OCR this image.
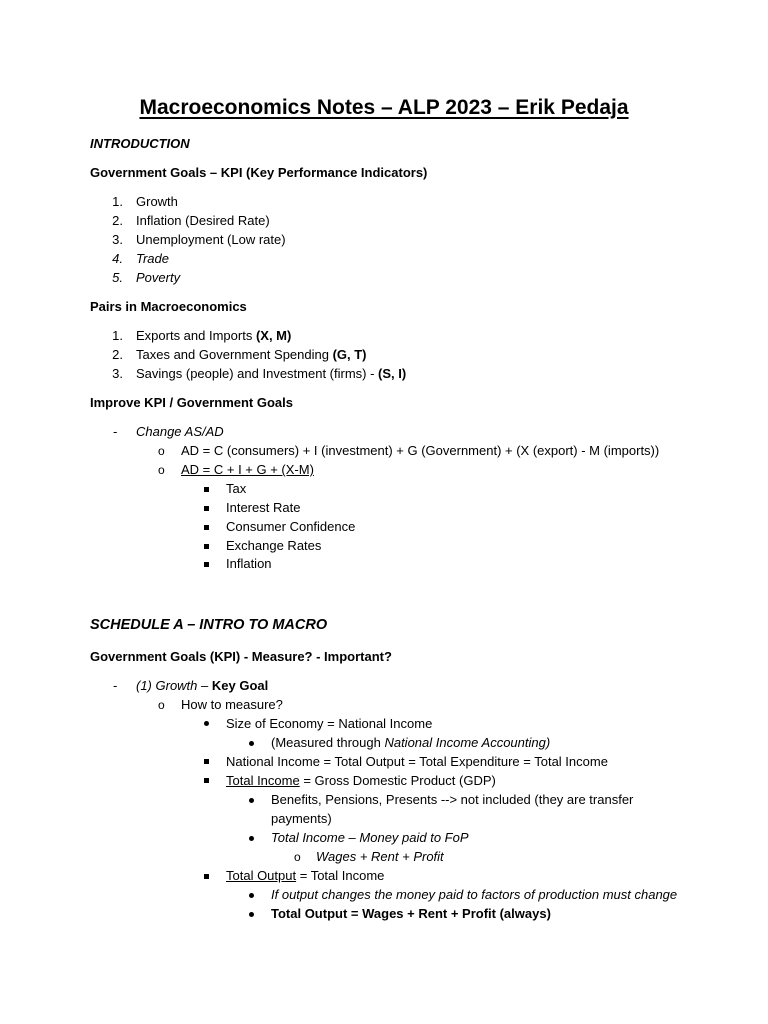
Macroeconomics Notes – ALP 2023 – Erik Pedaja
INTRODUCTION
Government Goals – KPI (Key Performance Indicators)
1. Growth
2. Inflation (Desired Rate)
3. Unemployment (Low rate)
4. Trade
5. Poverty
Pairs in Macroeconomics
1. Exports and Imports (X, M)
2. Taxes and Government Spending (G, T)
3. Savings (people) and Investment (firms) - (S, I)
Improve KPI / Government Goals
- Change AS/AD
o AD = C (consumers) + I (investment) + G (Government) + (X (export) - M (imports))
o AD = C + I + G + (X-M)
Tax
Interest Rate
Consumer Confidence
Exchange Rates
Inflation
SCHEDULE A – INTRO TO MACRO
Government Goals (KPI) - Measure? - Important?
- (1) Growth – Key Goal
o How to measure?
Size of Economy = National Income
(Measured through National Income Accounting)
National Income = Total Output = Total Expenditure = Total Income
Total Income = Gross Domestic Product (GDP)
Benefits, Pensions, Presents --> not included (they are transfer
payments)
Total Income – Money paid to FoP
o Wages + Rent + Profit
Total Output = Total Income
If output changes the money paid to factors of production must change
Total Output = Wages + Rent + Profit (always)
